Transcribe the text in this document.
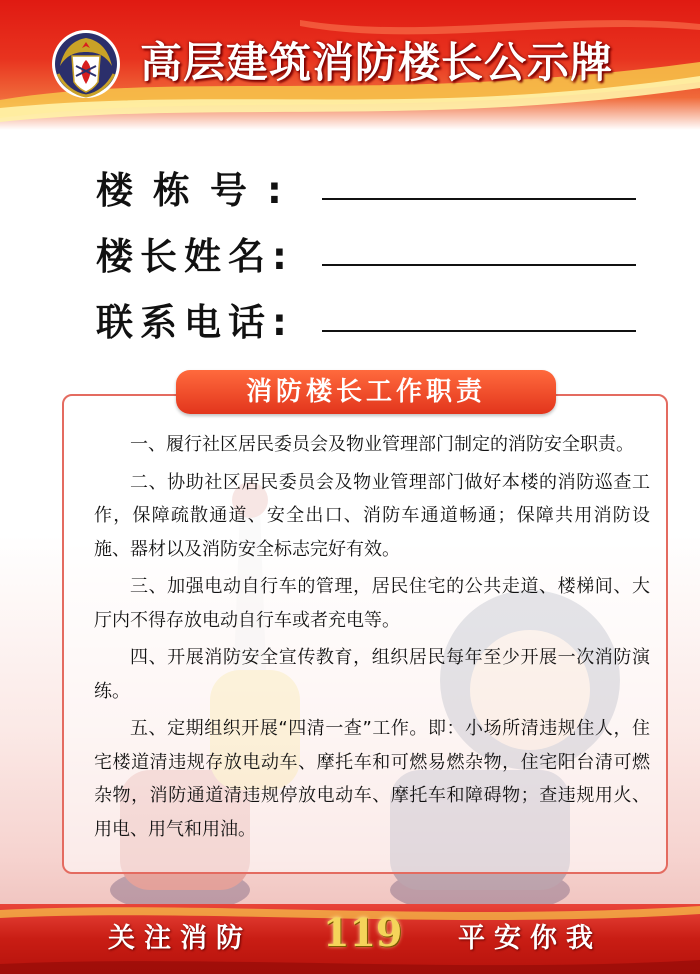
高层建筑消防楼长公示牌
楼栋号:
楼长姓名:
联系电话:
消防楼长工作职责

一、履行社区居民委员会及物业管理部门制定的消防安全职责。

二、协助社区居民委员会及物业管理部门做好本楼的消防巡查工作，保障疏散通道、安全出口、消防车通道畅通；保障共用消防设施、器材以及消防安全标志完好有效。

三、加强电动自行车的管理，居民住宅的公共走道、楼梯间、大厅内不得存放电动自行车或者充电等。

四、开展消防安全宣传教育，组织居民每年至少开展一次消防演练。

五、定期组织开展“四清一查”工作。即：小场所清违规住人，住宅楼道清违规存放电动车、摩托车和可燃易燃杂物，住宅阳台清可燃杂物，消防通道清违规停放电动车、摩托车和障碍物；查违规用火、用电、用气和用油。

关注消防 119 平安你我
